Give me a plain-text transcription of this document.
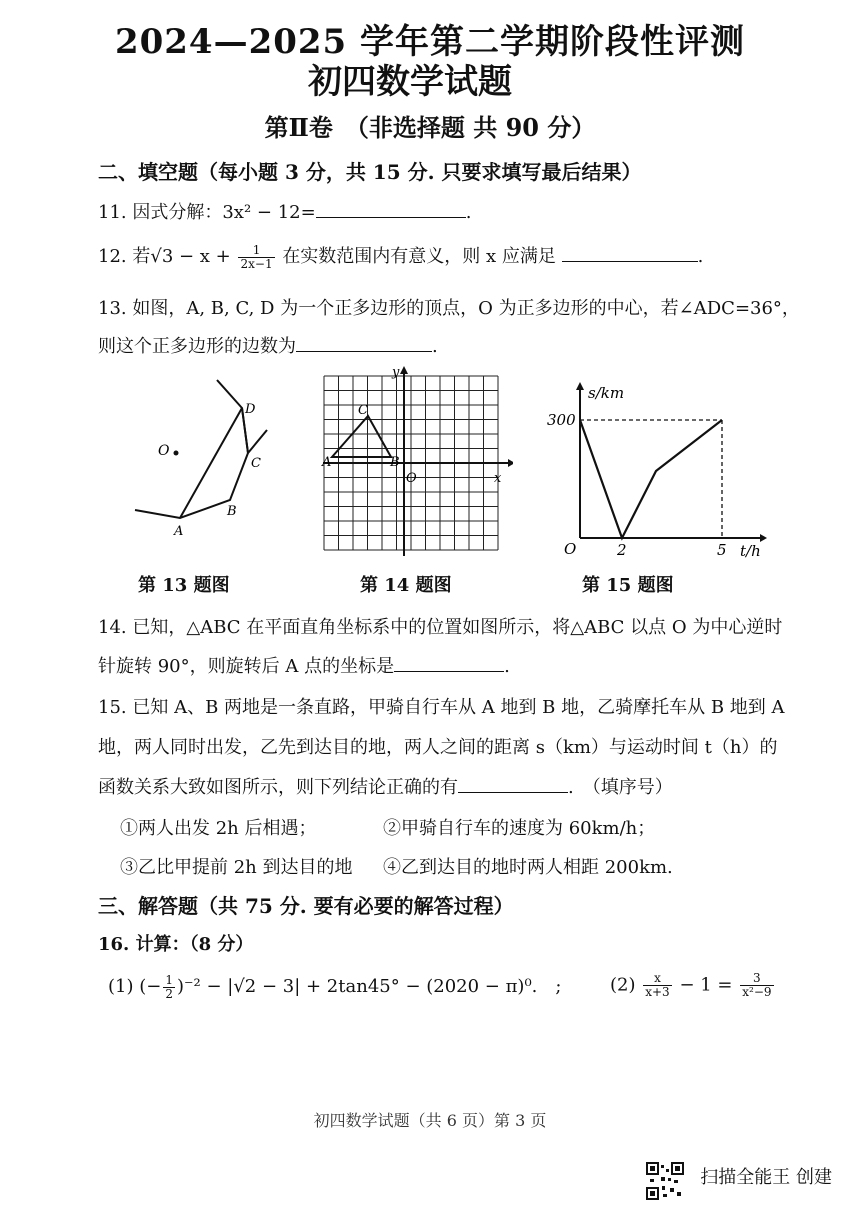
2024—2025 学年第二学期阶段性评测
初四数学试题
第Ⅱ卷　（非选择题 共 90 分）
二、填空题（每小题 3 分，共 15 分. 只要求填写最后结果）
11. 因式分解：3x² − 12=	.
12. 若$√3 - x + \frac{1}{2x-1}$ 在实数范围内有意义，则 x 应满足	.
13. 如图，A, B, C, D 为一个正多边形的顶点，O 为正多边形的中心，若∠ADC=36°，
则这个正多边形的边数为	.
O
A
B
C
D
第 13 题图
y
x
O
A	B
C
第 14 题图
s/km
300
O	2	5 t/h
第 15 题图
14. 已知，△ABC 在平面直角坐标系中的位置如图所示，将△ABC 以点 O 为中心逆时
针旋转 90°，则旋转后 A 点的坐标是	.
15. 已知 A、B 两地是一条直路，甲骑自行车从 A 地到 B 地，乙骑摩托车从 B 地到 A
地，两人同时出发，乙先到达目的地，两人之间的距离 s（km）与运动时间 t（h）的
函数关系大致如图所示，则下列结论正确的有	.　（填序号）
①两人出发 2h 后相遇；	②甲骑自行车的速度为 60km/h；
③乙比甲提前 2h 到达目的地 ④乙到达目的地时两人相距 200km.
三、解答题（共 75 分. 要有必要的解答过程）
16. 计算：（8 分）
(1) (− $\frac{1}{2} )^{-2} - |√2 - 3| + 2\tan 45^\circ - (2020 - \pi)^0$.　;	$(2) \frac{x}{x+3} - 1 = \frac{3}{\text{x²−9}}$
初四数学试题（共 6 页）第 3 页
扫描全能王 创建
